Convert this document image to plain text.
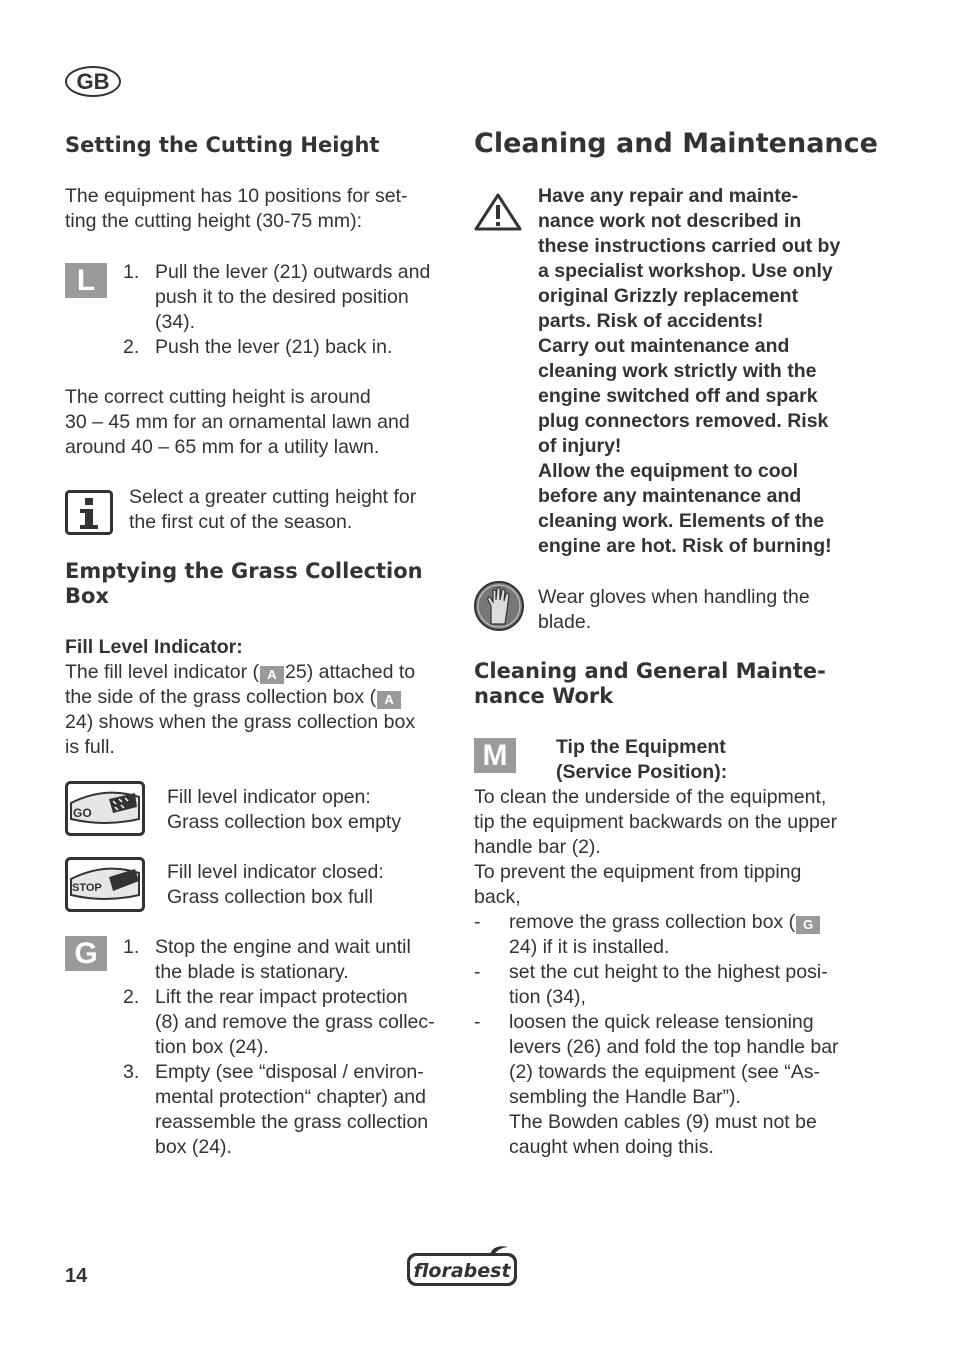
GB
Setting the Cutting Height

The equipment has 10 positions for set-
ting the cutting height (30-75 mm):

L	1. Pull the lever (21) outwards and
push it to the desired position
(34).
2. Push the lever (21) back in.

The correct cutting height is around
30 – 45 mm for an ornamental lawn and
around 40 – 65 mm for a utility lawn.

Select a greater cutting height for
the first cut of the season.

Emptying the Grass Collection
Box

Fill Level Indicator:
The fill level indicator ( A 25) attached to
the side of the grass collection box ( A
24) shows when the grass collection box
is full.

GO

Fill level indicator open:
Grass collection box empty

STOP

Fill level indicator closed:
Grass collection box full

G	1. Stop the engine and wait until
the blade is stationary.
2. Lift the rear impact protection
(8) and remove the grass collec-
tion box (24).
3. Empty (see “disposal / environ-
mental protection“ chapter) and
reassemble the grass collection
box (24).
Cleaning and Maintenance

Have any repair and mainte-
nance work not described in
these instructions carried out by
a specialist workshop. Use only
original Grizzly replacement
parts. Risk of accidents!
Carry out maintenance and
cleaning work strictly with the
engine switched off and spark
plug connectors removed. Risk
of injury!
Allow the equipment to cool
before any maintenance and
cleaning work. Elements of the
engine are hot. Risk of burning!

Wear gloves when handling the
blade.

Cleaning and General Mainte-
nance Work
M	Tip the Equipment
(Service Position):

To clean the underside of the equipment,
tip the equipment backwards on the upper
handle bar (2).
To prevent the equipment from tipping
back,

- remove the grass collection box ( G
24) if it is installed.
- set the cut height to the highest posi-
tion (34),
- loosen the quick release tensioning
levers (26) and fold the top handle bar
(2) towards the equipment (see “As-
sembling the Handle Bar”).
The Bowden cables (9) must not be
caught when doing this.
14	florabest
